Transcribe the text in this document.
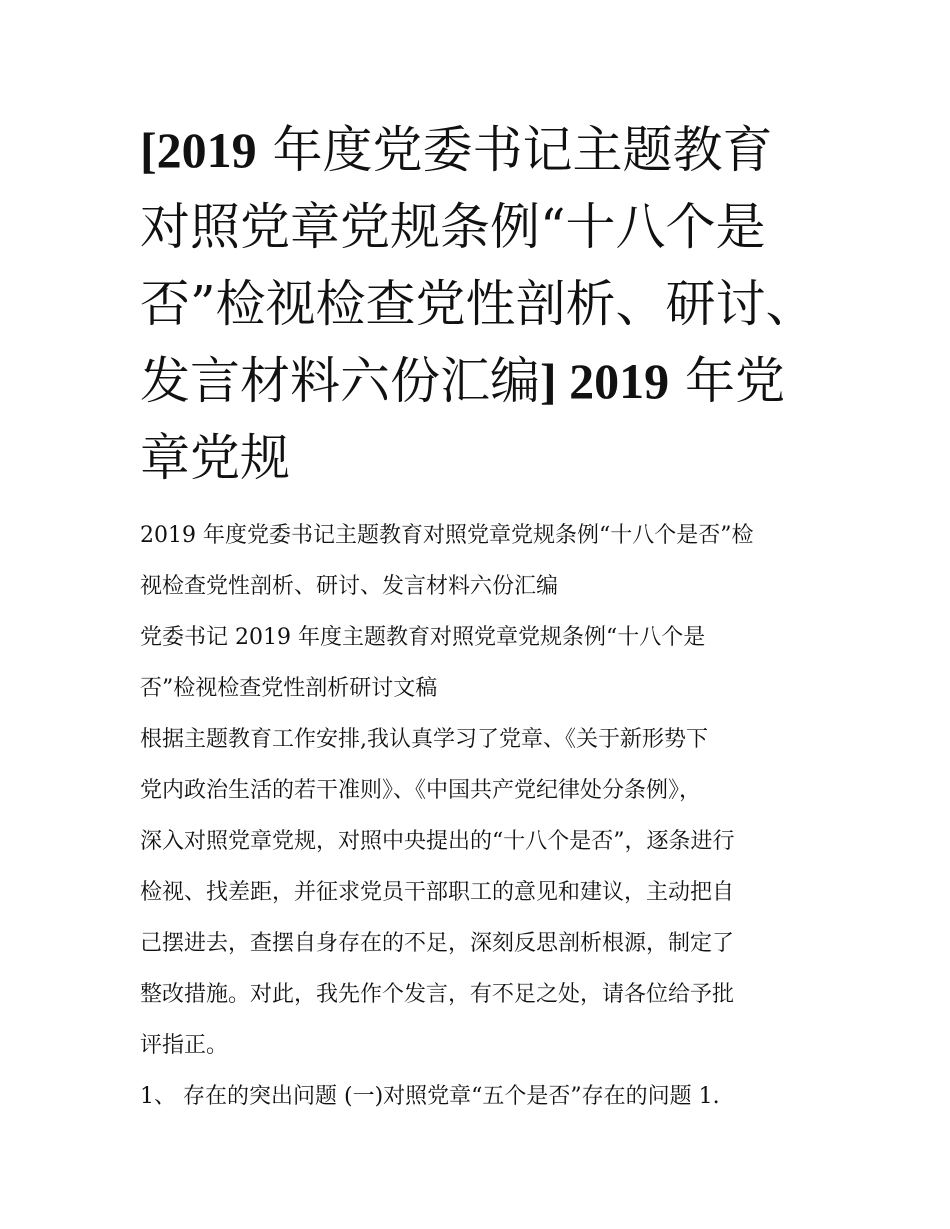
[2019 年度党委书记主题教育
对照党章党规条例“十八个是
否”检视检查党性剖析、研讨、
发言材料六份汇编] 2019 年党
章党规

2019 年度党委书记主题教育对照党章党规条例“十八个是否”检

视检查党性剖析、研讨、发言材料六份汇编

党委书记 2019 年度主题教育对照党章党规条例“十八个是

否”检视检查党性剖析研讨文稿

根据主题教育工作安排,我认真学习了党章、《关于新形势下

党内政治生活的若干准则》、《中国共产党纪律处分条例》，

深入对照党章党规，对照中央提出的“十八个是否”，逐条进行

检视、找差距，并征求党员干部职工的意见和建议，主动把自

己摆进去，查摆自身存在的不足，深刻反思剖析根源，制定了

整改措施。对此，我先作个发言，有不足之处，请各位给予批

评指正。

1、 存在的突出问题 (一)对照党章“五个是否”存在的问题 1.
